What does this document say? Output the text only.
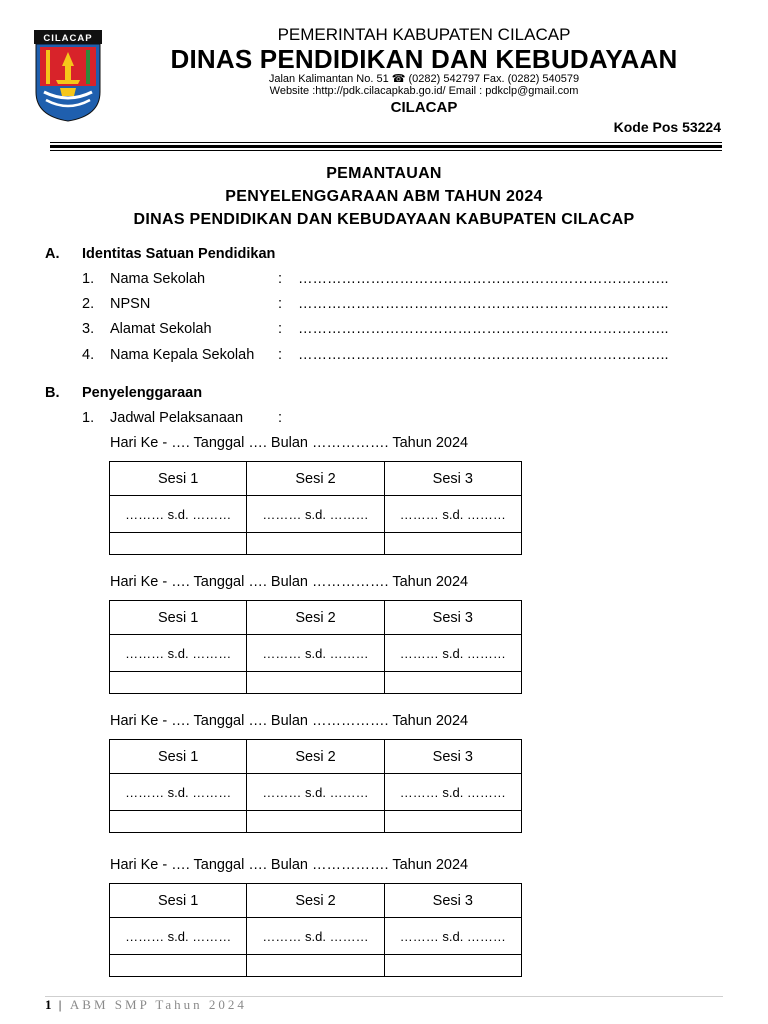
CILACAP	PEMERINTAH KABUPATEN CILACAP
DINAS PENDIDIKAN DAN KEBUDAYAAN
Jalan Kalimantan No. 51 ☎ (0282) 542797 Fax. (0282) 540579
Website :http://pdk.cilacapkab.go.id/ Email : pdkclp@gmail.com
CILACAP
Kode Pos 53224
PEMANTAUAN
PENYELENGGARAAN ABM TAHUN 2024
DINAS PENDIDIKAN DAN KEBUDAYAAN KABUPATEN CILACAP
A. Identitas Satuan Pendidikan
1. Nama Sekolah	: …………………………………………………………………..
2. NPSN	: …………………………………………………………………..
3. Alamat Sekolah	: …………………………………………………………………..
4. Nama Kepala Sekolah : …………………………………………………………………..
B. Penyelenggaraan
1. Jadwal Pelaksanaan :
Hari Ke - …. Tanggal …. Bulan ……………. Tahun 2024
Sesi 1	Sesi 2	Sesi 3
……… s.d. ………	……… s.d. ………	……… s.d. ………

Hari Ke - …. Tanggal …. Bulan ……………. Tahun 2024
Sesi 1	Sesi 2	Sesi 3
……… s.d. ………	……… s.d. ………	……… s.d. ………

Hari Ke - …. Tanggal …. Bulan ……………. Tahun 2024
Sesi 1	Sesi 2	Sesi 3
……… s.d. ………	……… s.d. ………	……… s.d. ………

Hari Ke - …. Tanggal …. Bulan ……………. Tahun 2024
Sesi 1	Sesi 2	Sesi 3
……… s.d. ………	……… s.d. ………	……… s.d. ………

1 | ABM SMP Tahun 2024
